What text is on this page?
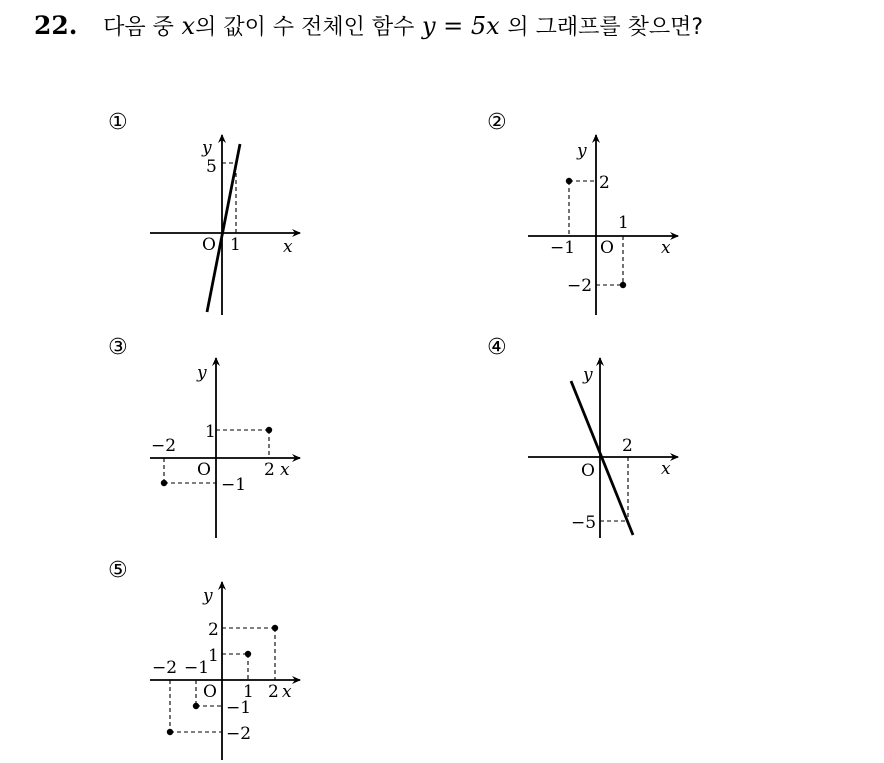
22. 다음 중 x의 값이 수 전체인 함수 y = 5x 의 그래프를 찾으면?
①	②
③	④
⑤
y
5
O 1 x
y
2
−1 O
1
−2
x
y
1
−2
O	2
−1
x
y
2
O
−5
x
y
2
1
−2 −1
O 1 2
−1
−2
x
